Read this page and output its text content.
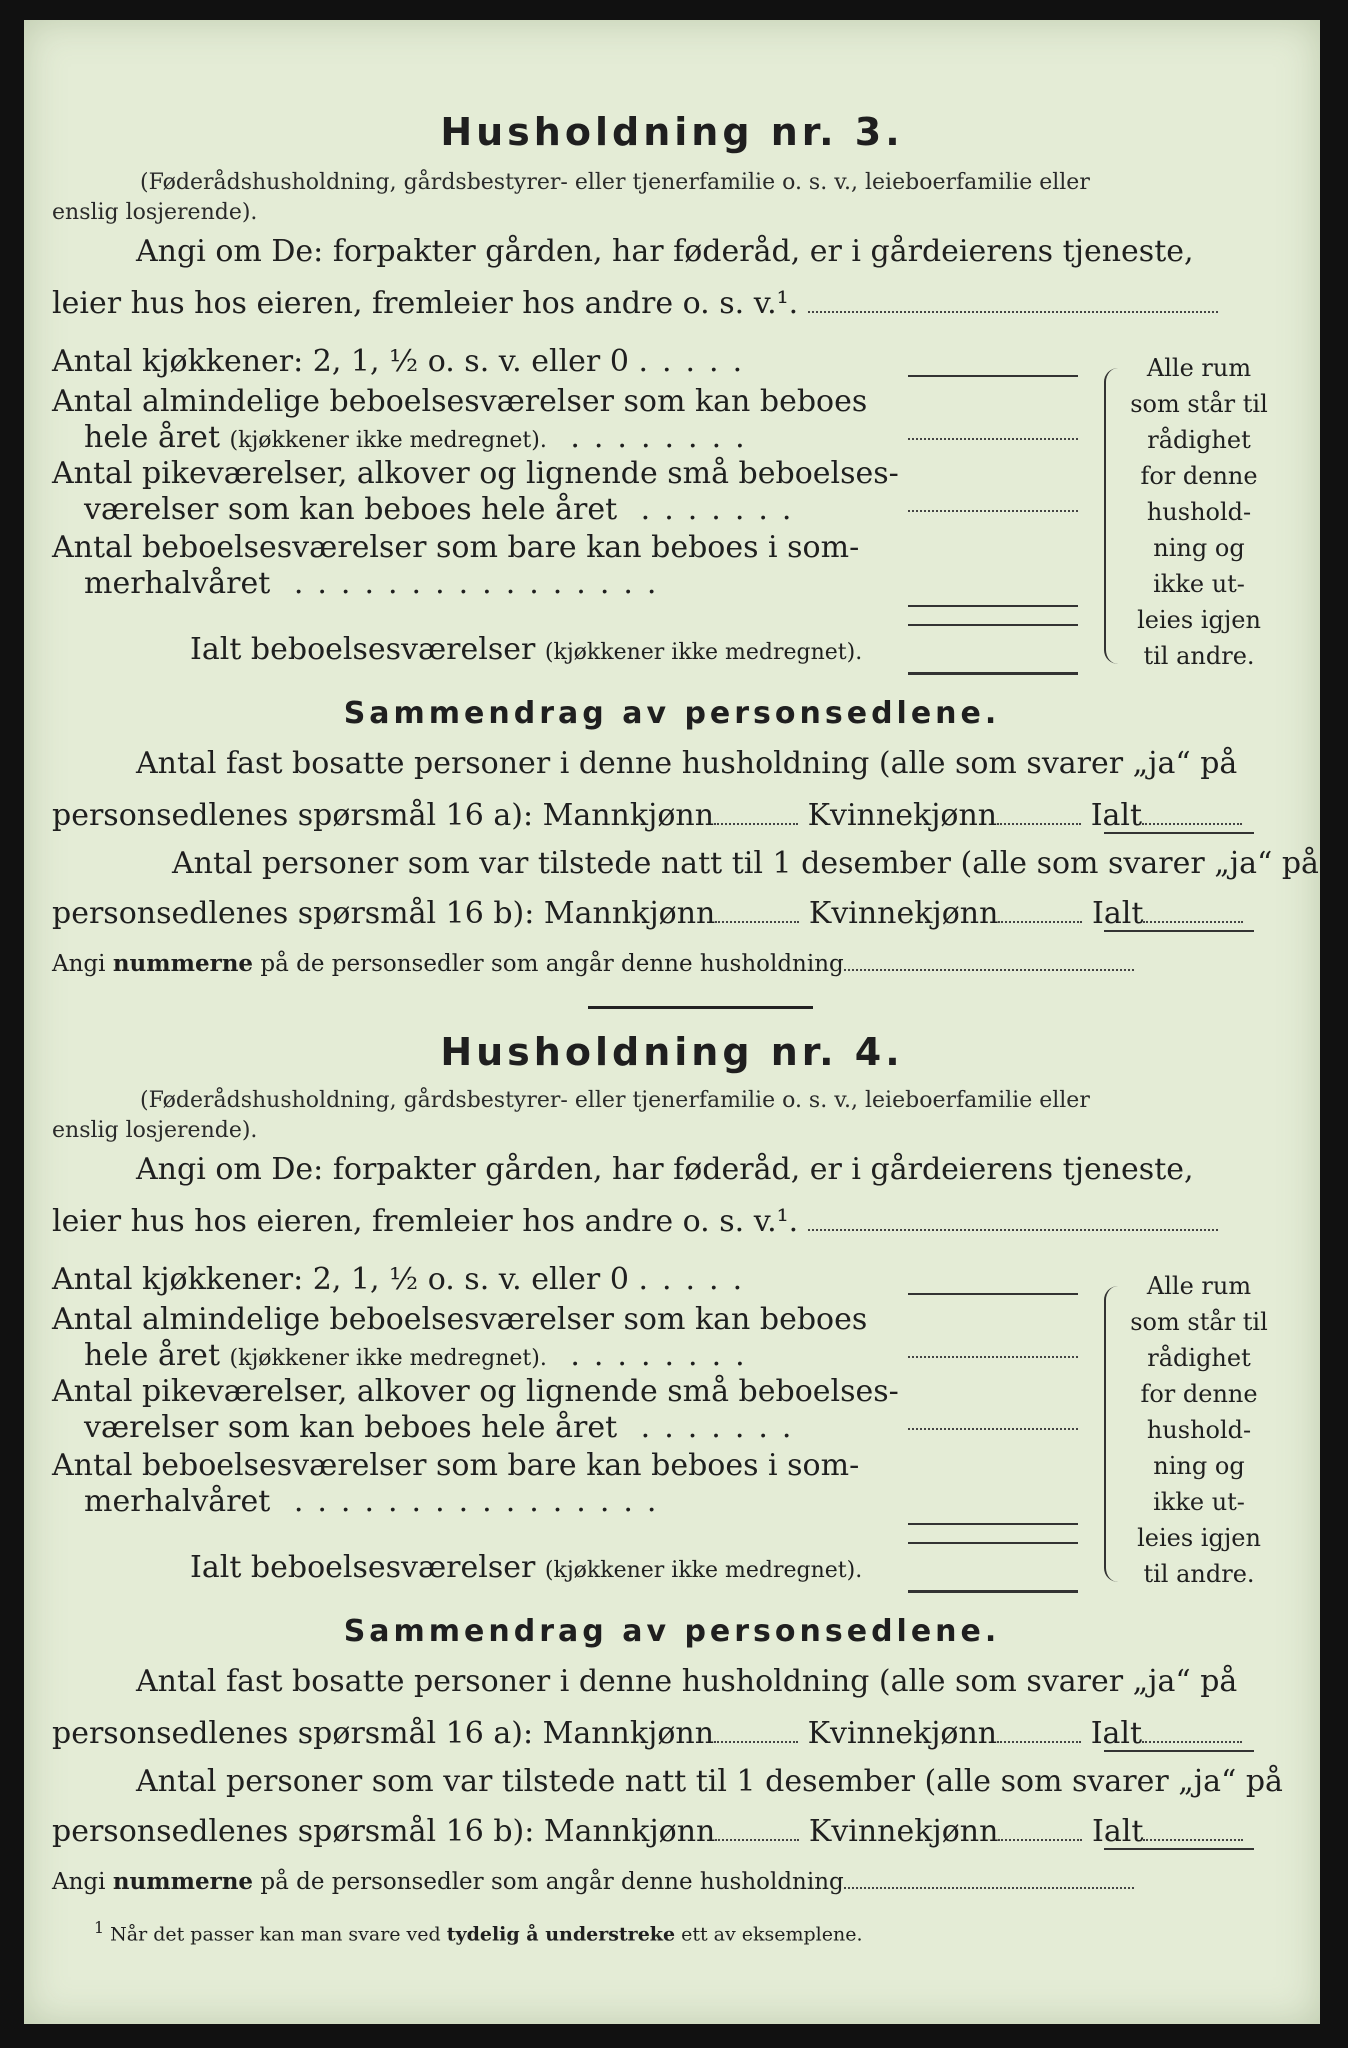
Husholdning nr. 3.
(Føderådshusholdning, gårdsbestyrer- eller tjenerfamilie o. s. v., leieboerfamilie eller
enslig losjerende).
Angi om De: forpakter gården, har føderåd, er i gårdeierens tjeneste,
leier hus hos eieren, fremleier hos andre o. s. v.¹.
Antal kjøkkener: 2, 1, ½ o. s. v. eller 0 .....
Antal almindelige beboelsesværelser som kan beboes
hele året (kjøkkener ikke medregnet). ........
Antal pikeværelser, alkover og lignende små beboelses-
værelser som kan beboes hele året .......
Antal beboelsesværelser som bare kan beboes i som-
merhalvåret ................
Ialt beboelsesværelser (kjøkkener ikke medregnet).
Alle rum
som står til
rådighet
for denne
hushold-
ning og
ikke ut-
leies igjen
til andre.
Sammendrag av personsedlene.
Antal fast bosatte personer i denne husholdning (alle som svarer „ja“ på
personsedlenes spørsmål 16 a): Mannkjønn	Kvinnekjønn	Ialt
Antal personer som var tilstede natt til 1 desember (alle som svarer „ja“ på
personsedlenes spørsmål 16 b): Mannkjønn	Kvinnekjønn	Ialt
Angi nummerne på de personsedler som angår denne husholdning
Husholdning nr. 4.
(Føderådshusholdning, gårdsbestyrer- eller tjenerfamilie o. s. v., leieboerfamilie eller
enslig losjerende).
Angi om De: forpakter gården, har føderåd, er i gårdeierens tjeneste,
leier hus hos eieren, fremleier hos andre o. s. v.¹.
Antal kjøkkener: 2, 1, ½ o. s. v. eller 0 .....
Antal almindelige beboelsesværelser som kan beboes
hele året (kjøkkener ikke medregnet). ........
Antal pikeværelser, alkover og lignende små beboelses-
værelser som kan beboes hele året .......
Antal beboelsesværelser som bare kan beboes i som-
merhalvåret ................
Ialt beboelsesværelser (kjøkkener ikke medregnet).
Alle rum
som står til
rådighet
for denne
hushold-
ning og
ikke ut-
leies igjen
til andre.
Sammendrag av personsedlene.
Antal fast bosatte personer i denne husholdning (alle som svarer „ja“ på
personsedlenes spørsmål 16 a): Mannkjønn	Kvinnekjønn	Ialt
Antal personer som var tilstede natt til 1 desember (alle som svarer „ja“ på
personsedlenes spørsmål 16 b): Mannkjønn	Kvinnekjønn	Ialt
Angi nummerne på de personsedler som angår denne husholdning
$^1$ Når det passer kan man svare ved tydelig å understreke ett av eksemplene.
